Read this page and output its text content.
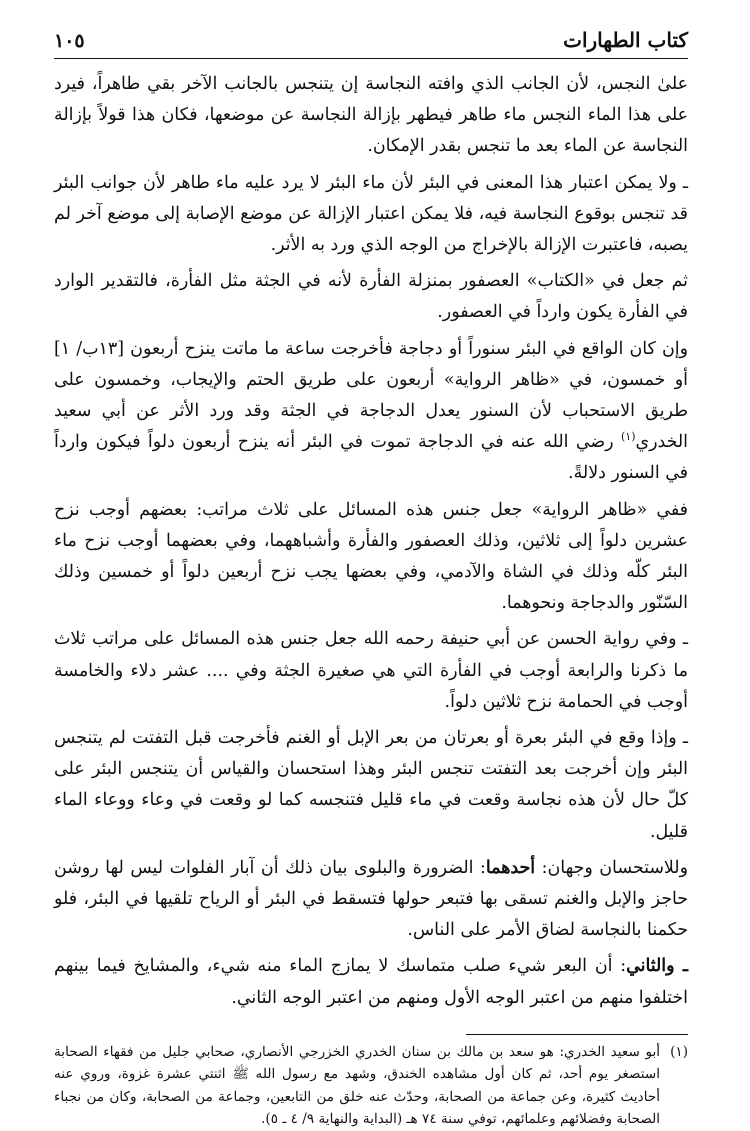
كتاب الطهارات
١٠٥

علىٰ النجس، لأن الجانب الذي وافته النجاسة إن يتنجس بالجانب الآخر بقي طاهراً، فيرد على هذا الماء النجس ماء طاهر فيطهر بإزالة النجاسة عن موضعها، فكان هذا قولاً بإزالة النجاسة عن الماء بعد ما تنجس بقدر الإمكان.

ـ ولا يمكن اعتبار هذا المعنى في البئر لأن ماء البئر لا يرد عليه ماء طاهر لأن جوانب البئر قد تنجس بوقوع النجاسة فيه، فلا يمكن اعتبار الإزالة عن موضع الإصابة إلى موضع آخر لم يصبه، فاعتبرت الإزالة بالإخراج من الوجه الذي ورد به الأثر.

ثم جعل في «الكتاب» العصفور بمنزلة الفأرة لأنه في الجثة مثل الفأرة، فالتقدير الوارد في الفأرة يكون وارداً في العصفور.

وإن كان الواقع في البئر سنوراً أو دجاجة فأخرجت ساعة ما ماتت ينزح أربعون [١٣ب/ ١] أو خمسون، في «ظاهر الرواية» أربعون على طريق الحتم والإيجاب، وخمسون على طريق الاستحباب لأن السنور يعدل الدجاجة في الجثة وقد ورد الأثر عن أبي سعيد الخدري$^{(١)}$ رضي الله عنه في الدجاجة تموت في البئر أنه ينزح أربعون دلواً فيكون وارداً في السنور دلالةً.

ففي «ظاهر الرواية» جعل جنس هذه المسائل على ثلاث مراتب: بعضهم أوجب نزح عشرين دلواً إلى ثلاثين، وذلك العصفور والفأرة وأشباههما، وفي بعضهما أوجب نزح ماء البئر كلّه وذلك في الشاة والآدمي، وفي بعضها يجب نزح أربعين دلواً أو خمسين وذلك السّنّور والدجاجة ونحوهما.

ـ وفي رواية الحسن عن أبي حنيفة رحمه الله جعل جنس هذه المسائل على مراتب ثلاث ما ذكرنا والرابعة أوجب في الفأرة التي هي صغيرة الجثة وفي .... عشر دلاء والخامسة أوجب في الحمامة نزح ثلاثين دلواً.

ـ وإذا وقع في البئر بعرة أو بعرتان من بعر الإبل أو الغنم فأخرجت قبل التفتت لم يتنجس البئر وإن أخرجت بعد التفتت تنجس البئر وهذا استحسان والقياس أن يتنجس البئر على كلّ حال لأن هذه نجاسة وقعت في ماء قليل فتنجسه كما لو وقعت في وعاء ووعاء الماء قليل.

وللاستحسان وجهان: أحدهما: الضرورة والبلوى بيان ذلك أن آبار الفلوات ليس لها روشن حاجز والإبل والغنم تسقى بها فتبعر حولها فتسقط في البئر أو الرياح تلقيها في البئر، فلو حكمنا بالنجاسة لضاق الأمر على الناس.

ـ والثاني: أن البعر شيء صلب متماسك لا يمازج الماء منه شيء، والمشايخ فيما بينهم اختلفوا منهم من اعتبر الوجه الأول ومنهم من اعتبر الوجه الثاني.

(١)
أبو سعيد الخدري: هو سعد بن مالك بن سنان الخدري الخزرجي الأنصاري، صحابي جليل من فقهاء الصحابة استصغر يوم أحد، ثم كان أول مشاهده الخندق، وشهد مع رسول الله ﷺ اثنتي عشرة غزوة، وروي عنه أحاديث كثيرة، وعن جماعة من الصحابة، وحدّث عنه خلق من التابعين، وجماعة من الصحابة، وكان من نجباء الصحابة وفضلائهم وعلمائهم، توفي سنة ٧٤ هـ (البداية والنهاية ٩/ ٤ ـ ٥).
